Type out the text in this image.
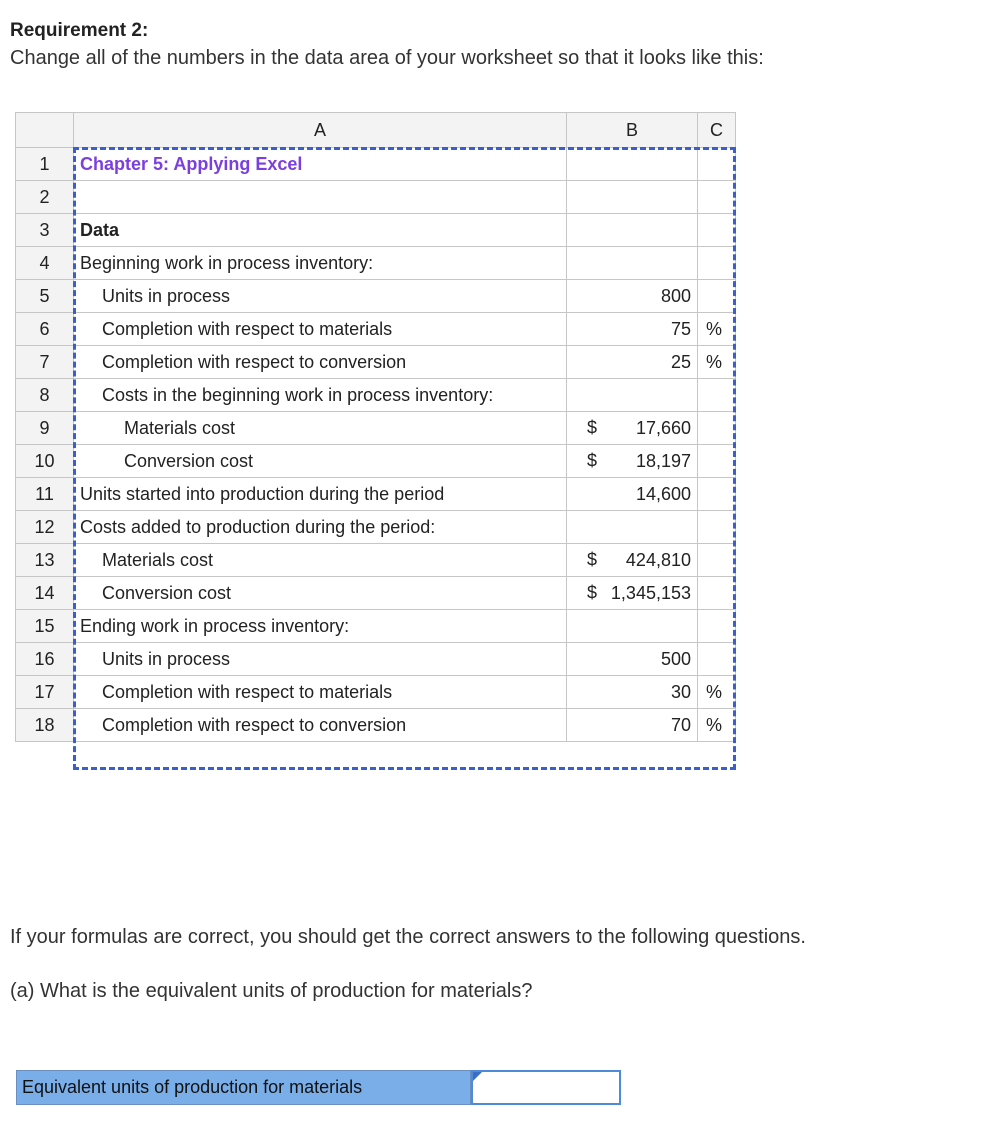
Requirement 2:
Change all of the numbers in the data area of your worksheet so that it looks like this:
	A	B	C
1	Chapter 5: Applying Excel		
2			
3	Data		
4	Beginning work in process inventory:		
5	Units in process	800	
6	Completion with respect to materials	75	%
7	Completion with respect to conversion	25	%
8	Costs in the beginning work in process inventory:		
9	Materials cost	$ 17,660	
10	Conversion cost	$ 18,197	
11	Units started into production during the period	14,600	
12	Costs added to production during the period:		
13	Materials cost	$ 424,810	
14	Conversion cost	$ 1,345,153	
15	Ending work in process inventory:		
16	Units in process	500	
17	Completion with respect to materials	30	%
18	Completion with respect to conversion	70	%
If your formulas are correct, you should get the correct answers to the following questions.
(a) What is the equivalent units of production for materials?
Equivalent units of production for materials
